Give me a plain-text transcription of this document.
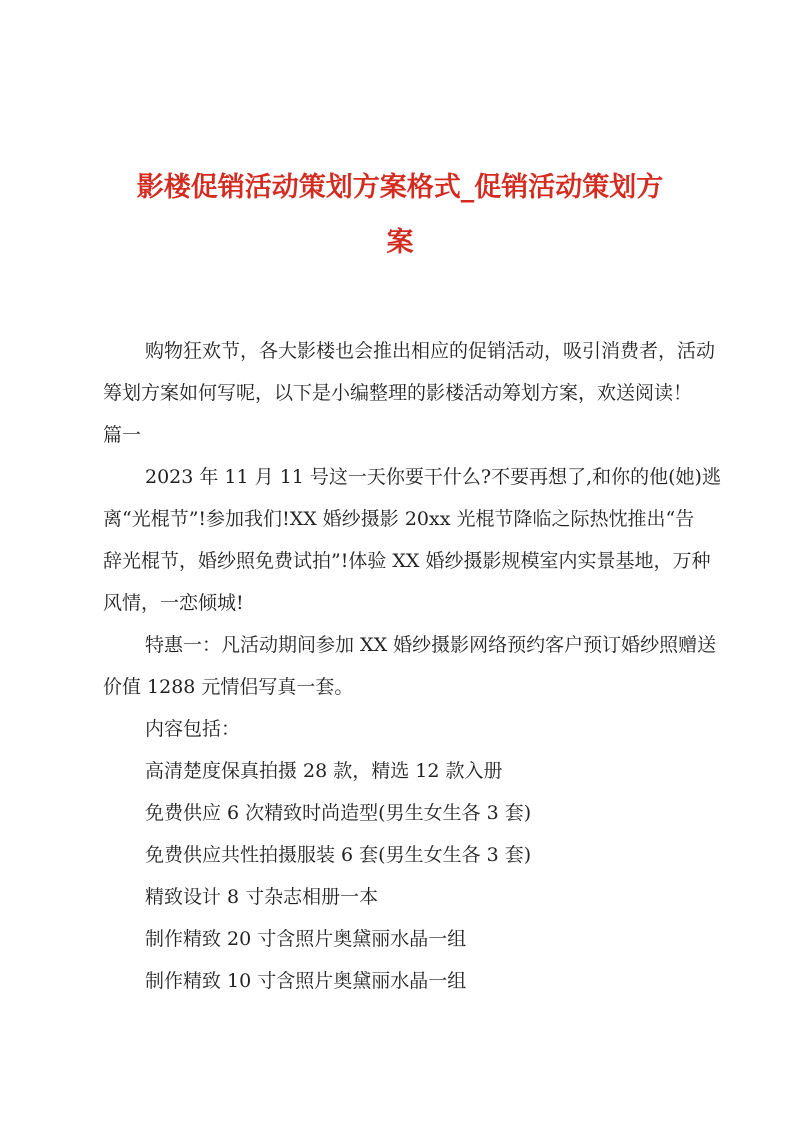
影楼促销活动策划方案格式_促销活动策划方
案

购物狂欢节，各大影楼也会推出相应的促销活动，吸引消费者，活动

筹划方案如何写呢，以下是小编整理的影楼活动筹划方案，欢送阅读！

篇一

2023 年 11 月 11 号这一天你要干什么?不要再想了,和你的他(她)逃

离“光棍节”!参加我们!XX 婚纱摄影 20xx 光棍节降临之际热忱推出“告

辞光棍节，婚纱照免费试拍”!体验 XX 婚纱摄影规模室内实景基地，万种

风情，一恋倾城!

特惠一：凡活动期间参加 XX 婚纱摄影网络预约客户预订婚纱照赠送

价值 1288 元情侣写真一套。

内容包括：

高清楚度保真拍摄 28 款，精选 12 款入册

免费供应 6 次精致时尚造型(男生女生各 3 套)

免费供应共性拍摄服装 6 套(男生女生各 3 套)

精致设计 8 寸杂志相册一本

制作精致 20 寸含照片奥黛丽水晶一组

制作精致 10 寸含照片奥黛丽水晶一组
